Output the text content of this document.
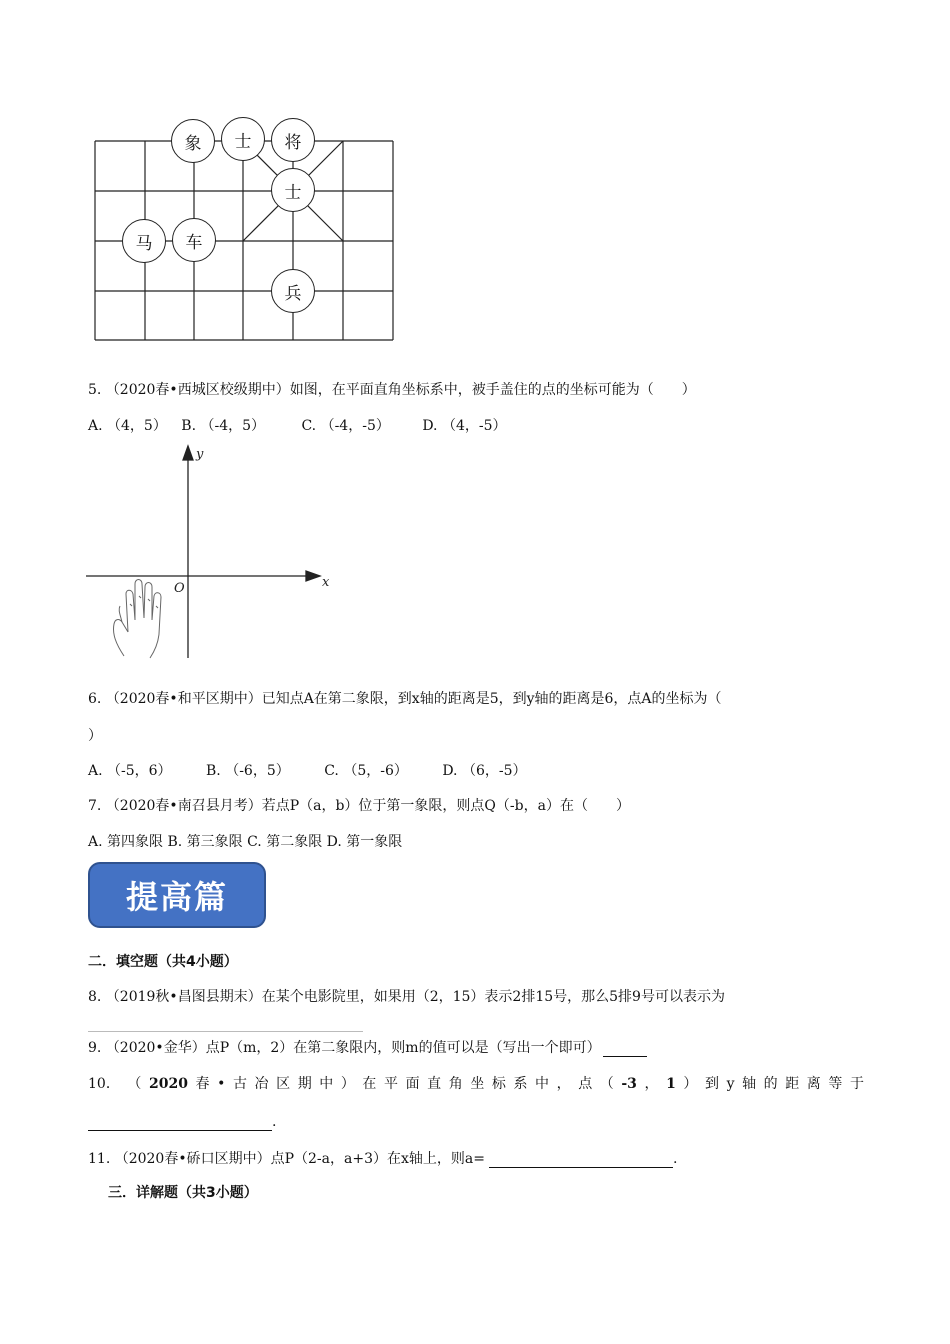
象 士 将
士
马 车
兵
5. （2020春•西城区校级期中）如图，在平面直角坐标系中，被手盖住的点的坐标可能为（　　）
A. （4，5） B. （-4，5）	C. （-4，-5） D. （4，-5）
y
x
O
6. （2020春•和平区期中）已知点A在第二象限，到x轴的距离是5，到y轴的距离是6，点A的坐标为（
）
A. （-5，6） B. （-6，5） C. （5，-6） D. （6，-5）
7. （2020春•南召县月考）若点P（a，b）位于第一象限，则点Q（-b，a）在（　　）
A. 第四象限 B. 第三象限 C. 第二象限 D. 第一象限
提高篇
二．填空题（共4小题）
8. （2019秋•昌图县期末）在某个电影院里，如果用（2，15）表示2排15号，那么5排9号可以表示为
9. （2020•金华）点P（m，2）在第二象限内，则m的值可以是（写出一个即可）
10． （ 2020 春 • 古 冶 区 期 中 ） 在 平 面 直 角 坐 标 系 中 ， 点 （ -3 ， 1 ） 到 y 轴 的 距 离 等 于
.
11. （2020春•硚口区期中）点P（2-a，a+3）在x轴上，则a=	.
三．详解题（共3小题）
